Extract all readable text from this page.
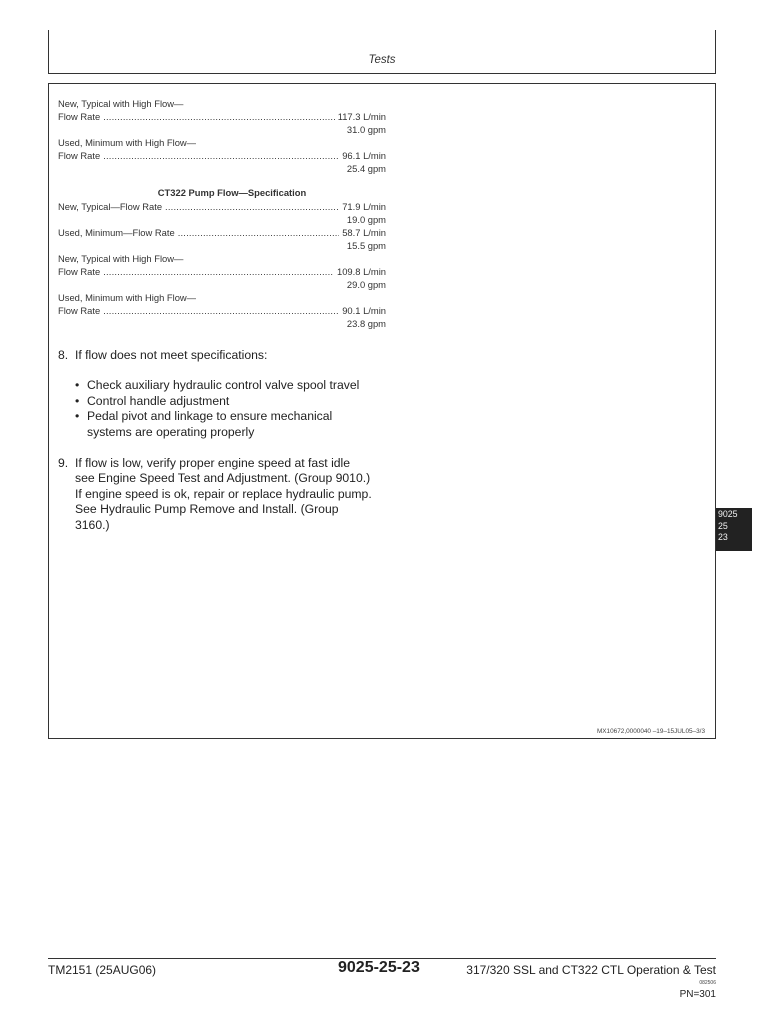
Tests
New, Typical with High Flow—
Flow Rate .....	117.3 L/min
31.0 gpm
Used, Minimum with High Flow—
Flow Rate .....	96.1 L/min
25.4 gpm
CT322 Pump Flow—Specification
New, Typical—Flow Rate .....	71.9 L/min
19.0 gpm
Used, Minimum—Flow Rate .....	58.7 L/min
15.5 gpm
New, Typical with High Flow—
Flow Rate .....	109.8 L/min
29.0 gpm
Used, Minimum with High Flow—
Flow Rate .....	90.1 L/min
23.8 gpm
8. If flow does not meet specifications:
• Check auxiliary hydraulic control valve spool travel
• Control handle adjustment
• Pedal pivot and linkage to ensure mechanical
systems are operating properly
9. If flow is low, verify proper engine speed at fast idle
see Engine Speed Test and Adjustment. (Group 9010.)
If engine speed is ok, repair or replace hydraulic pump.
See Hydraulic Pump Remove and Install. (Group
3160.)
MX10672,0000040 –19–15JUL05–3/3
9025
25
23
TM2151 (25AUG06)	9025-25-23	317/320 SSL and CT322 CTL Operation & Test
082506
PN=301
